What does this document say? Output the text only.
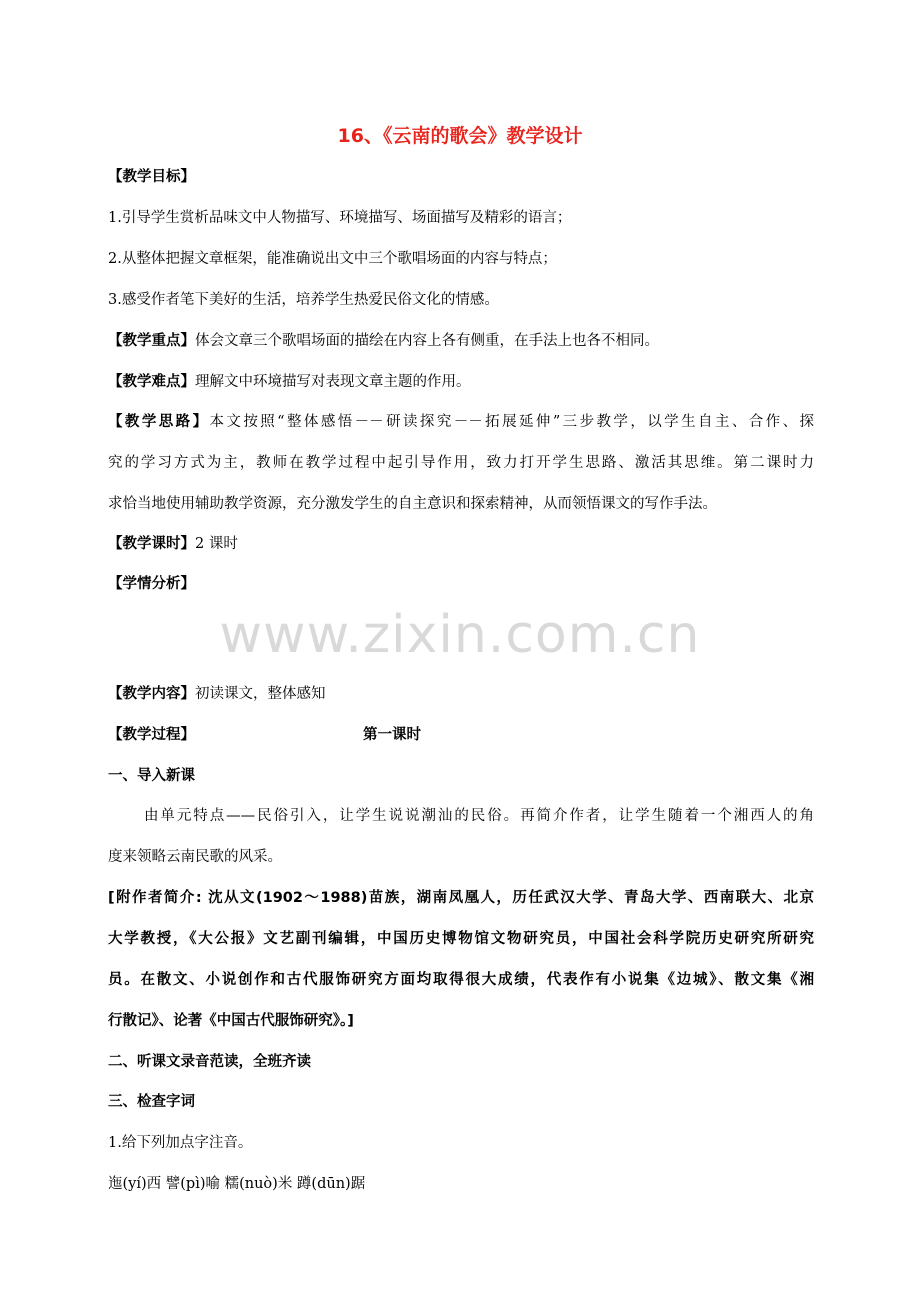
16、《云南的歌会》教学设计
【教学目标】
1.引导学生赏析品味文中人物描写、环境描写、场面描写及精彩的语言；
2.从整体把握文章框架，能准确说出文中三个歌唱场面的内容与特点；
3.感受作者笔下美好的生活，培养学生热爱民俗文化的情感。
【教学重点】体会文章三个歌唱场面的描绘在内容上各有侧重，在手法上也各不相同。
【教学难点】理解文中环境描写对表现文章主题的作用。
【教学思路】本文按照“整体感悟－－研读探究－－拓展延伸”三步教学，以学生自主、合作、探
究的学习方式为主，教师在教学过程中起引导作用，致力打开学生思路、激活其思维。第二课时力
求恰当地使用辅助教学资源，充分激发学生的自主意识和探索精神，从而领悟课文的写作手法。
【教学课时】2 课时
【学情分析】
www.zixin.com.cn
【教学内容】初读课文，整体感知
【教学过程】	第一课时
一、导入新课
由单元特点——民俗引入，让学生说说潮汕的民俗。再简介作者，让学生随着一个湘西人的角
度来领略云南民歌的风采。
[附作者简介: 沈从文(1902～1988)苗族，湖南凤凰人，历任武汉大学、青岛大学、西南联大、北京
大学教授，《大公报》文艺副刊编辑，中国历史博物馆文物研究员，中国社会科学院历史研究所研究
员。在散文、小说创作和古代服饰研究方面均取得很大成绩，代表作有小说集《边城》、散文集《湘
行散记》、论著《中国古代服饰研究》。]
二、听课文录音范读，全班齐读
三、检查字词
1.给下列加点字注音。
迤(yí)西 譬(pì)喻 糯(nuò)米 蹲(dūn)踞
